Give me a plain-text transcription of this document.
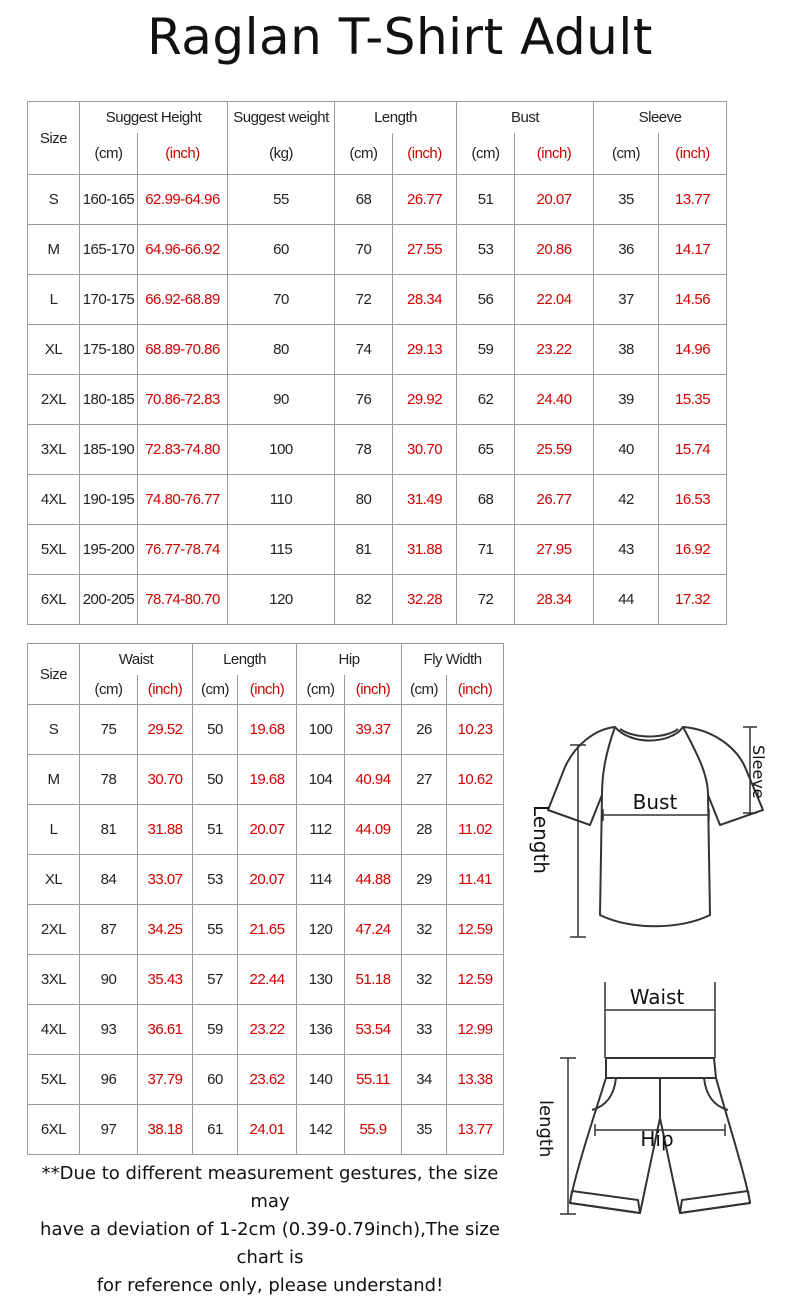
Raglan T-Shirt Adult
Size	Suggest Height		Suggest weight	Length		Bust		Sleeve	
	(cm)	(inch)	(kg)	(cm)	(inch)	(cm)	(inch)	(cm)	(inch)
S	160-165	62.99-64.96	55	68	26.77	51	20.07	35	13.77
M	165-170	64.96-66.92	60	70	27.55	53	20.86	36	14.17
L	170-175	66.92-68.89	70	72	28.34	56	22.04	37	14.56
XL	175-180	68.89-70.86	80	74	29.13	59	23.22	38	14.96
2XL	180-185	70.86-72.83	90	76	29.92	62	24.40	39	15.35
3XL	185-190	72.83-74.80	100	78	30.70	65	25.59	40	15.74
4XL	190-195	74.80-76.77	110	80	31.49	68	26.77	42	16.53
5XL	195-200	76.77-78.74	115	81	31.88	71	27.95	43	16.92
6XL	200-205	78.74-80.70	120	82	32.28	72	28.34	44	17.32
Size	Waist		Length		Hip		Fly Width	
	(cm)	(inch)	(cm)	(inch)	(cm)	(inch)	(cm)	(inch)
S	75	29.52	50	19.68	100	39.37	26	10.23
M	78	30.70	50	19.68	104	40.94	27	10.62
L	81	31.88	51	20.07	112	44.09	28	11.02
XL	84	33.07	53	20.07	114	44.88	29	11.41
2XL	87	34.25	55	21.65	120	47.24	32	12.59
3XL	90	35.43	57	22.44	130	51.18	32	12.59
4XL	93	36.61	59	23.22	136	53.54	33	12.99
5XL	96	37.79	60	23.62	140	55.11	34	13.38
6XL	97	38.18	61	24.01	142	55.9	35	13.77
Bust
Length
Sleeve
Waist
Hip
length
**Due to different measurement gestures, the size may
have a deviation of 1-2cm (0.39-0.79inch),The size chart is
for reference only, please understand!
